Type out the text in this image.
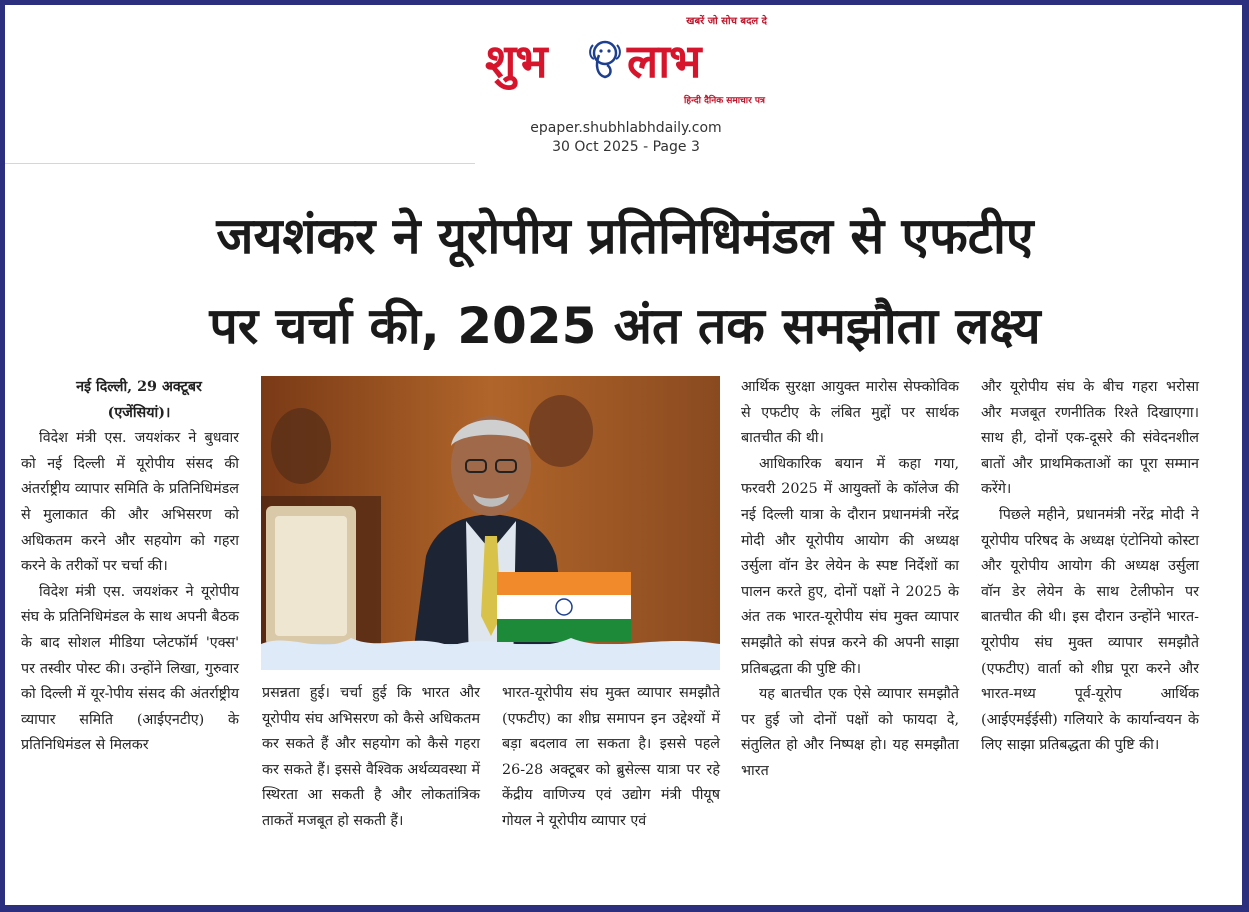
खबरें जो सोच बदल दे
शुभ लाभ
हिन्दी दैनिक समाचार पत्र
epaper.shubhlabhdaily.com
30 Oct 2025 - Page 3
जयशंकर ने यूरोपीय प्रतिनिधिमंडल से एफटीए
पर चर्चा की, 2025 अंत तक समझौता लक्ष्य

नई दिल्ली, 29 अक्टूबर

(एजेंसियां)।

विदेश मंत्री एस. जयशंकर ने बुधवार को नई दिल्ली में यूरोपीय संसद की अंतर्राष्ट्रीय व्यापार समिति के प्रतिनिधिमंडल से मुलाकात की और अभिसरण को अधिकतम करने और सहयोग को गहरा करने के तरीकों पर चर्चा की।

विदेश मंत्री एस. जयशंकर ने यूरोपीय संघ के प्रतिनिधिमंडल के साथ अपनी बैठक के बाद सोशल मीडिया प्लेटफॉर्म 'एक्स' पर तस्वीर पोस्ट की। उन्होंने लिखा, गुरुवार को दिल्ली में यूर-ोपीय संसद की अंतर्राष्ट्रीय व्यापार समिति (आईएनटीए) के प्रतिनिधिमंडल से मिलकर

प्रसन्नता हुई। चर्चा हुई कि भारत और यूरोपीय संघ अभिसरण को कैसे अधिकतम कर सकते हैं और सहयोग को कैसे गहरा कर सकते हैं। इससे वैश्विक अर्थव्यवस्था में स्थिरता आ सकती है और लोकतांत्रिक ताकतें मजबूत हो सकती हैं।

भारत-यूरोपीय संघ मुक्त व्यापार समझौते (एफटीए) का शीघ्र समापन इन उद्देश्यों में बड़ा बदलाव ला सकता है। इससे पहले 26-28 अक्टूबर को ब्रुसेल्स यात्रा पर रहे केंद्रीय वाणिज्य एवं उद्योग मंत्री पीयूष गोयल ने यूरोपीय व्यापार एवं

आर्थिक सुरक्षा आयुक्त मारोस सेफ्कोविक से एफटीए के लंबित मुद्दों पर सार्थक बातचीत की थी।

आधिकारिक बयान में कहा गया, फरवरी 2025 में आयुक्तों के कॉलेज की नई दिल्ली यात्रा के दौरान प्रधानमंत्री नरेंद्र मोदी और यूरोपीय आयोग की अध्यक्ष उर्सुला वॉन डेर लेयेन के स्पष्ट निर्देशों का पालन करते हुए, दोनों पक्षों ने 2025 के अंत तक भारत-यूरोपीय संघ मुक्त व्यापार समझौते को संपन्न करने की अपनी साझा प्रतिबद्धता की पुष्टि की।

यह बातचीत एक ऐसे व्यापार समझौते पर हुई जो दोनों पक्षों को फायदा दे, संतुलित हो और निष्पक्ष हो। यह समझौता भारत

और यूरोपीय संघ के बीच गहरा भरोसा और मजबूत रणनीतिक रिश्ते दिखाएगा। साथ ही, दोनों एक-दूसरे की संवेदनशील बातों और प्राथमिकताओं का पूरा सम्मान करेंगे।

पिछले महीने, प्रधानमंत्री नरेंद्र मोदी ने यूरोपीय परिषद के अध्यक्ष एंटोनियो कोस्टा और यूरोपीय आयोग की अध्यक्ष उर्सुला वॉन डेर लेयेन के साथ टेलीफोन पर बातचीत की थी। इस दौरान उन्होंने भारत-यूरोपीय संघ मुक्त व्यापार समझौते (एफटीए) वार्ता को शीघ्र पूरा करने और भारत-मध्य पूर्व-यूरोप आर्थिक (आईएमईईसी) गलियारे के कार्यान्वयन के लिए साझा प्रतिबद्धता की पुष्टि की।
